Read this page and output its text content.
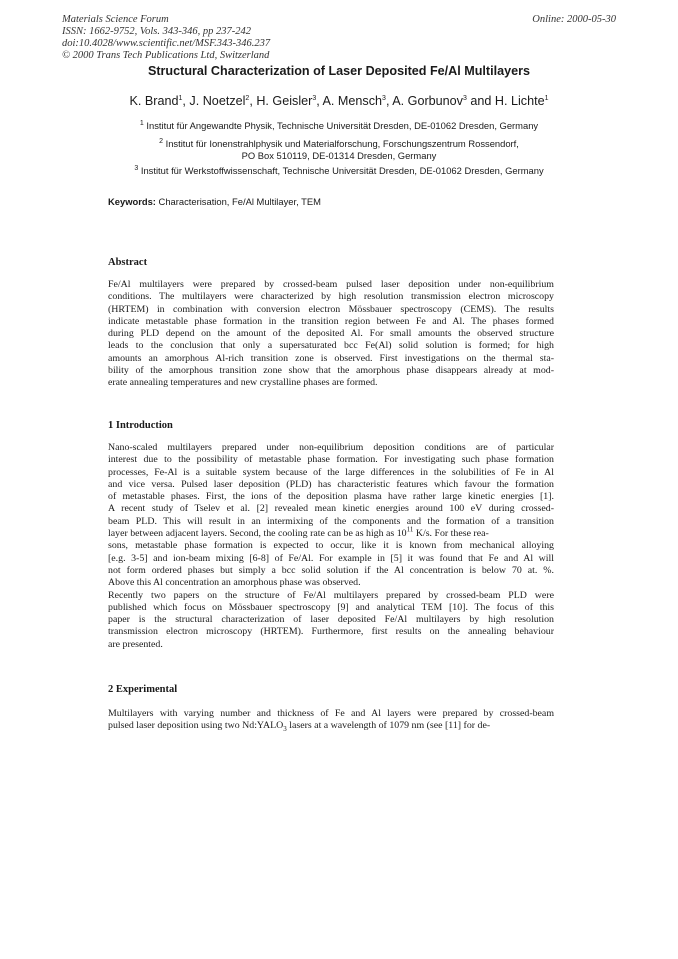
Materials Science Forum
ISSN: 1662-9752, Vols. 343-346, pp 237-242
doi:10.4028/www.scientific.net/MSF.343-346.237
© 2000 Trans Tech Publications Ltd, Switzerland
Online: 2000-05-30
Structural Characterization of Laser Deposited Fe/Al Multilayers
K. Brand$^1$, J. Noetzel$^2$, H. Geisler$^3$, A. Mensch$^3$, A. Gorbunov$^3$ and H. Lichte$^1$
$^1$ Institut für Angewandte Physik, Technische Universität Dresden, DE-01062 Dresden, Germany
$^2$ Institut für Ionenstrahlphysik und Materialforschung, Forschungszentrum Rossendorf,
PO Box 510119, DE-01314 Dresden, Germany
$^3$ Institut für Werkstoffwissenschaft, Technische Universität Dresden, DE-01062 Dresden, Germany
Keywords: Characterisation, Fe/Al Multilayer, TEM
Abstract
Fe/Al multilayers were prepared by crossed-beam pulsed laser deposition under non-equilibrium
conditions. The multilayers were characterized by high resolution transmission electron microscopy
(HRTEM) in combination with conversion electron Mössbauer spectroscopy (CEMS). The results
indicate metastable phase formation in the transition region between Fe and Al. The phases formed
during PLD depend on the amount of the deposited Al. For small amounts the observed structure
leads to the conclusion that only a supersaturated bcc Fe(Al) solid solution is formed; for high
amounts an amorphous Al-rich transition zone is observed. First investigations on the thermal sta-
bility of the amorphous transition zone show that the amorphous phase disappears already at mod-
erate annealing temperatures and new crystalline phases are formed.
1 Introduction
Nano-scaled multilayers prepared under non-equilibrium deposition conditions are of particular
interest due to the possibility of metastable phase formation. For investigating such phase formation
processes, Fe-Al is a suitable system because of the large differences in the solubilities of Fe in Al
and vice versa. Pulsed laser deposition (PLD) has characteristic features which favour the formation
of metastable phases. First, the ions of the deposition plasma have rather large kinetic energies [1].
A recent study of Tselev et al. [2] revealed mean kinetic energies around 100 eV during crossed-
beam PLD. This will result in an intermixing of the components and the formation of a transition
layer between adjacent layers. Second, the cooling rate can be as high as $10^{11}$ K/s. For these rea-
sons, metastable phase formation is expected to occur, like it is known from mechanical alloying
[e.g. 3-5] and ion-beam mixing [6-8] of Fe/Al. For example in [5] it was found that Fe and Al will
not form ordered phases but simply a bcc solid solution if the Al concentration is below 70 at. %.
Above this Al concentration an amorphous phase was observed.
Recently two papers on the structure of Fe/Al multilayers prepared by crossed-beam PLD were
published which focus on Mössbauer spectroscopy [9] and analytical TEM [10]. The focus of this
paper is the structural characterization of laser deposited Fe/Al multilayers by high resolution
transmission electron microscopy (HRTEM). Furthermore, first results on the annealing behaviour
are presented.
2 Experimental
Multilayers with varying number and thickness of Fe and Al layers were prepared by crossed-beam
pulsed laser deposition using two $Nd:YALO_3$ lasers at a wavelength of 1079 nm (see [11] for de-
